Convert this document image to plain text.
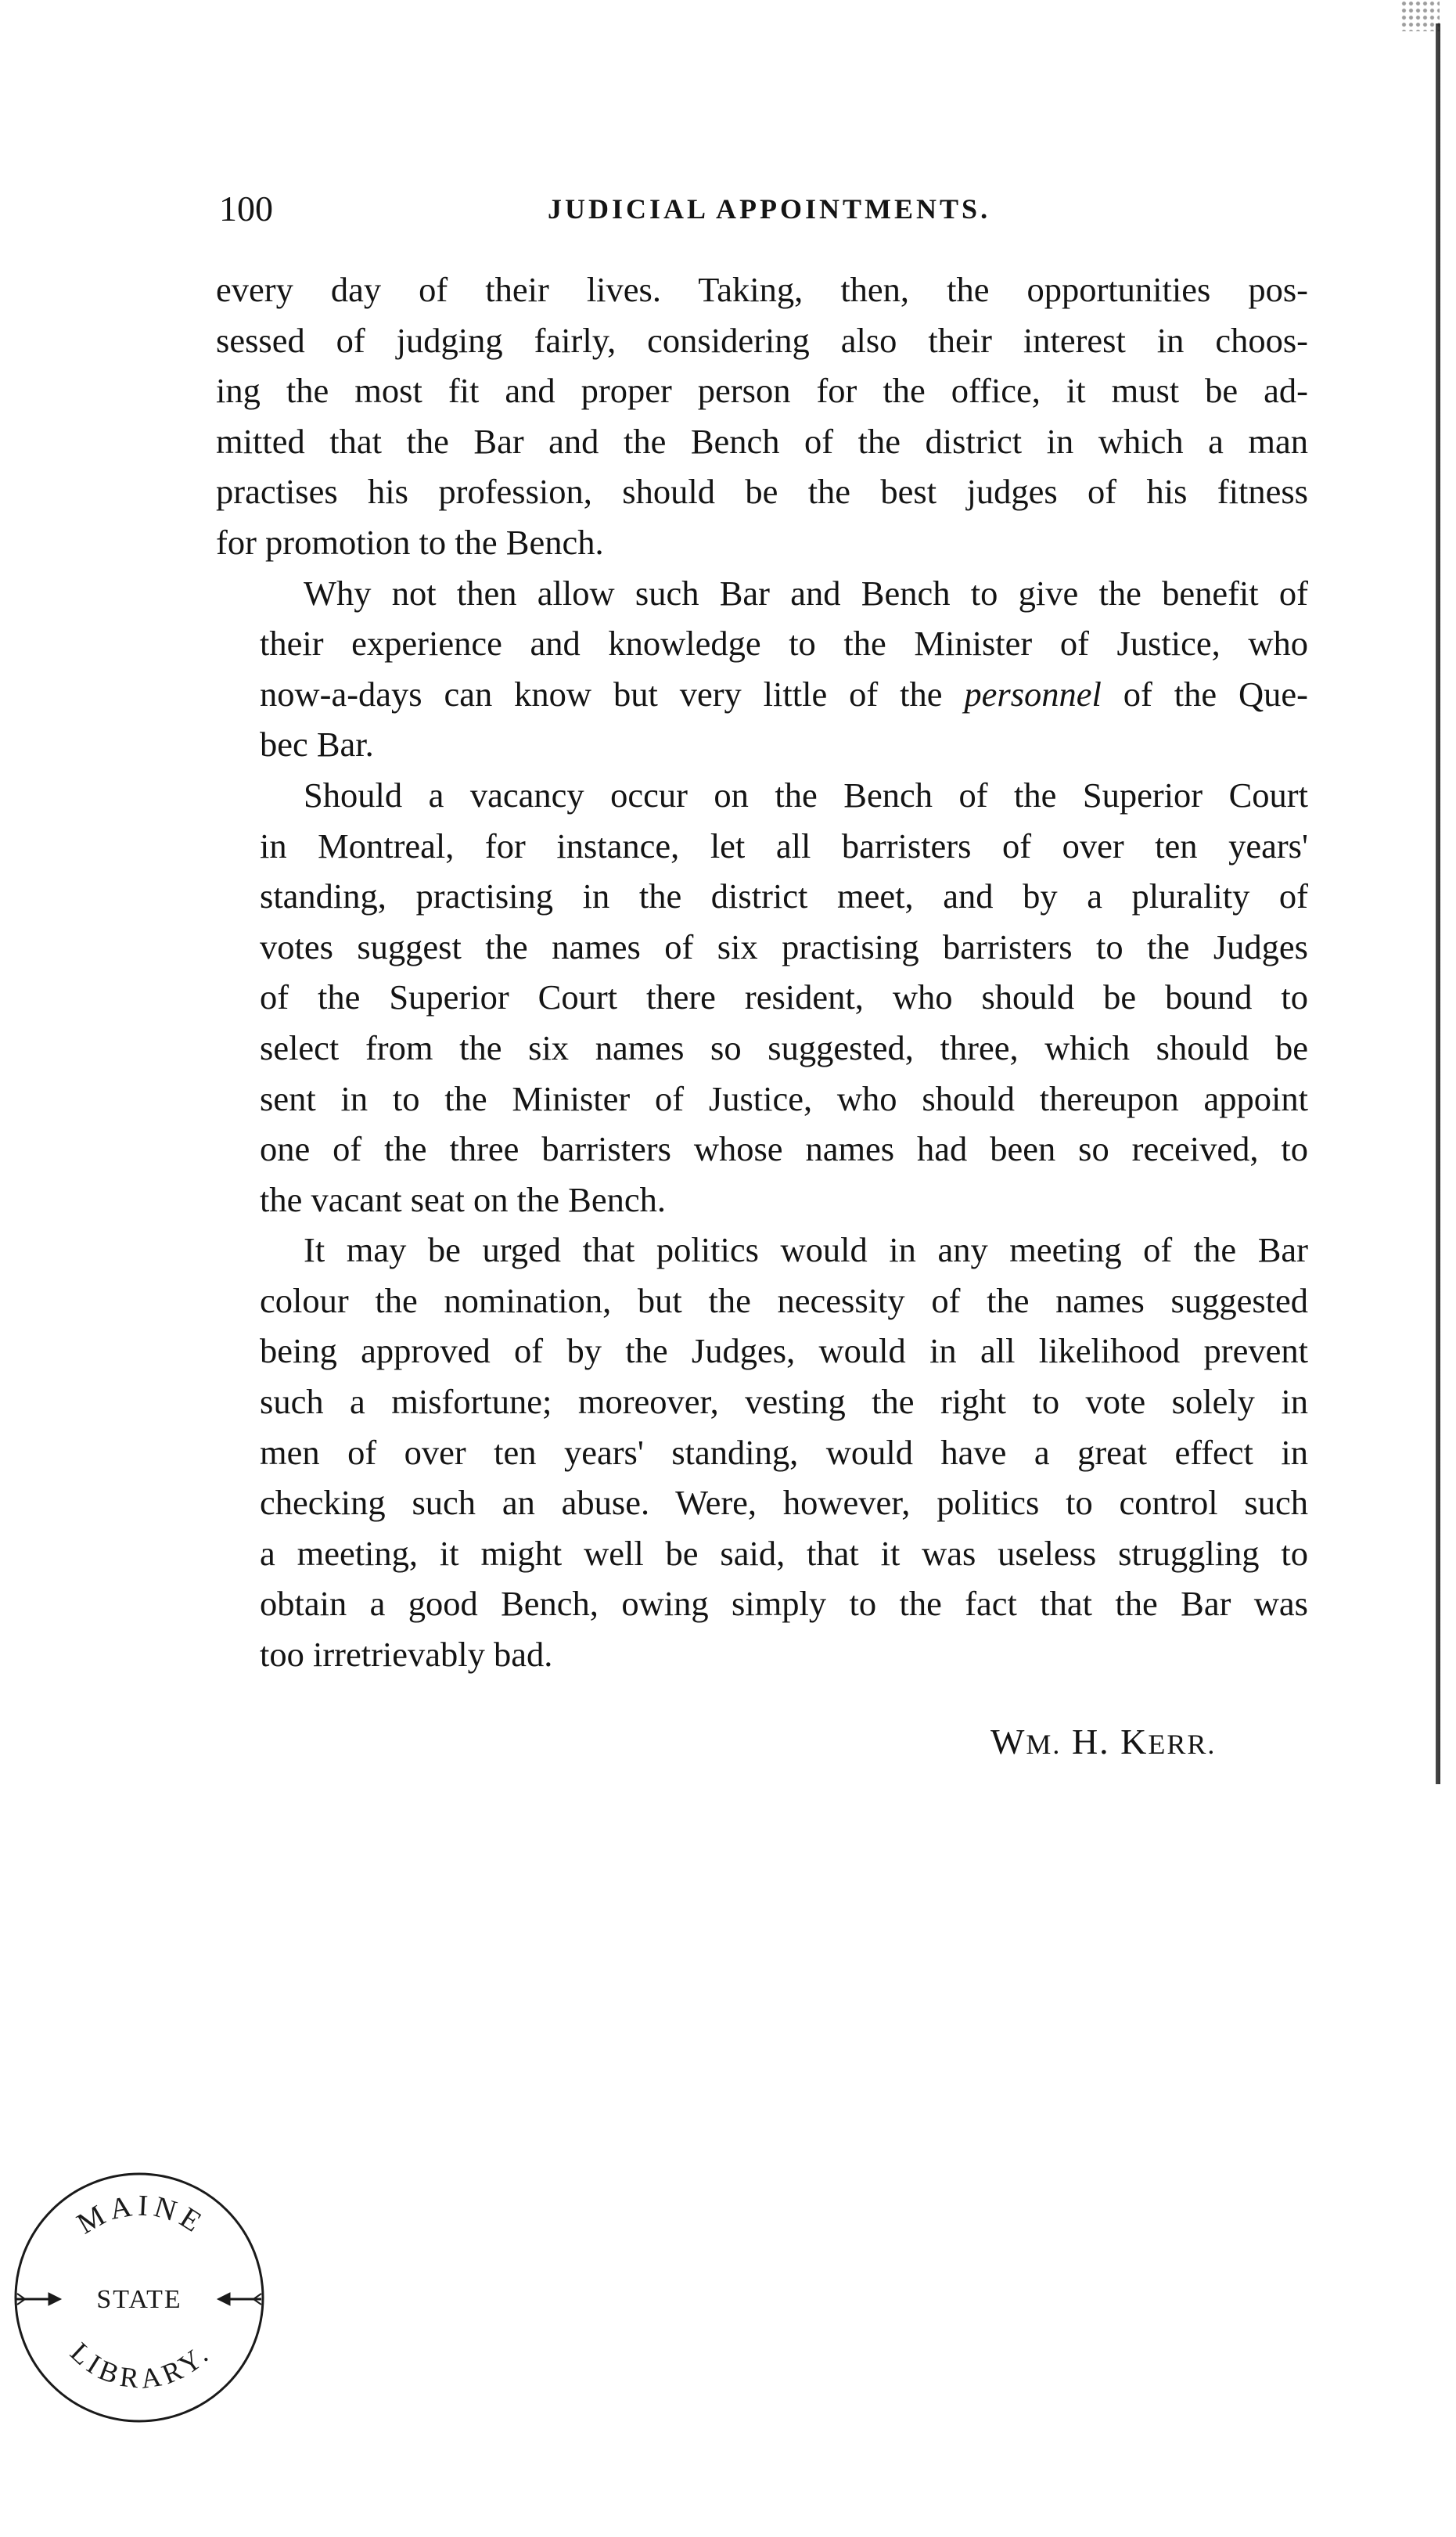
100	JUDICIAL APPOINTMENTS.
every day of their lives. Taking, then, the opportunities pos-
sessed of judging fairly, considering also their interest in choos-
ing the most fit and proper person for the office, it must be ad-
mitted that the Bar and the Bench of the district in which a man
practises his profession, should be the best judges of his fitness
for promotion to the Bench.
Why not then allow such Bar and Bench to give the benefit of
their experience and knowledge to the Minister of Justice, who
now-a-days can know but very little of the personnel of the Que-
bec Bar.
Should a vacancy occur on the Bench of the Superior Court
in Montreal, for instance, let all barristers of over ten years'
standing, practising in the district meet, and by a plurality of
votes suggest the names of six practising barristers to the Judges
of the Superior Court there resident, who should be bound to
select from the six names so suggested, three, which should be
sent in to the Minister of Justice, who should thereupon appoint
one of the three barristers whose names had been so received, to
the vacant seat on the Bench.
It may be urged that politics would in any meeting of the Bar
colour the nomination, but the necessity of the names suggested
being approved of by the Judges, would in all likelihood prevent
such a misfortune; moreover, vesting the right to vote solely in
men of over ten years' standing, would have a great effect in
checking such an abuse. Were, however, politics to control such
a meeting, it might well be said, that it was useless struggling to
obtain a good Bench, owing simply to the fact that the Bar was
too irretrievably bad.
WM. H. KERR.
MAINE
STATE
LIBRARY.
